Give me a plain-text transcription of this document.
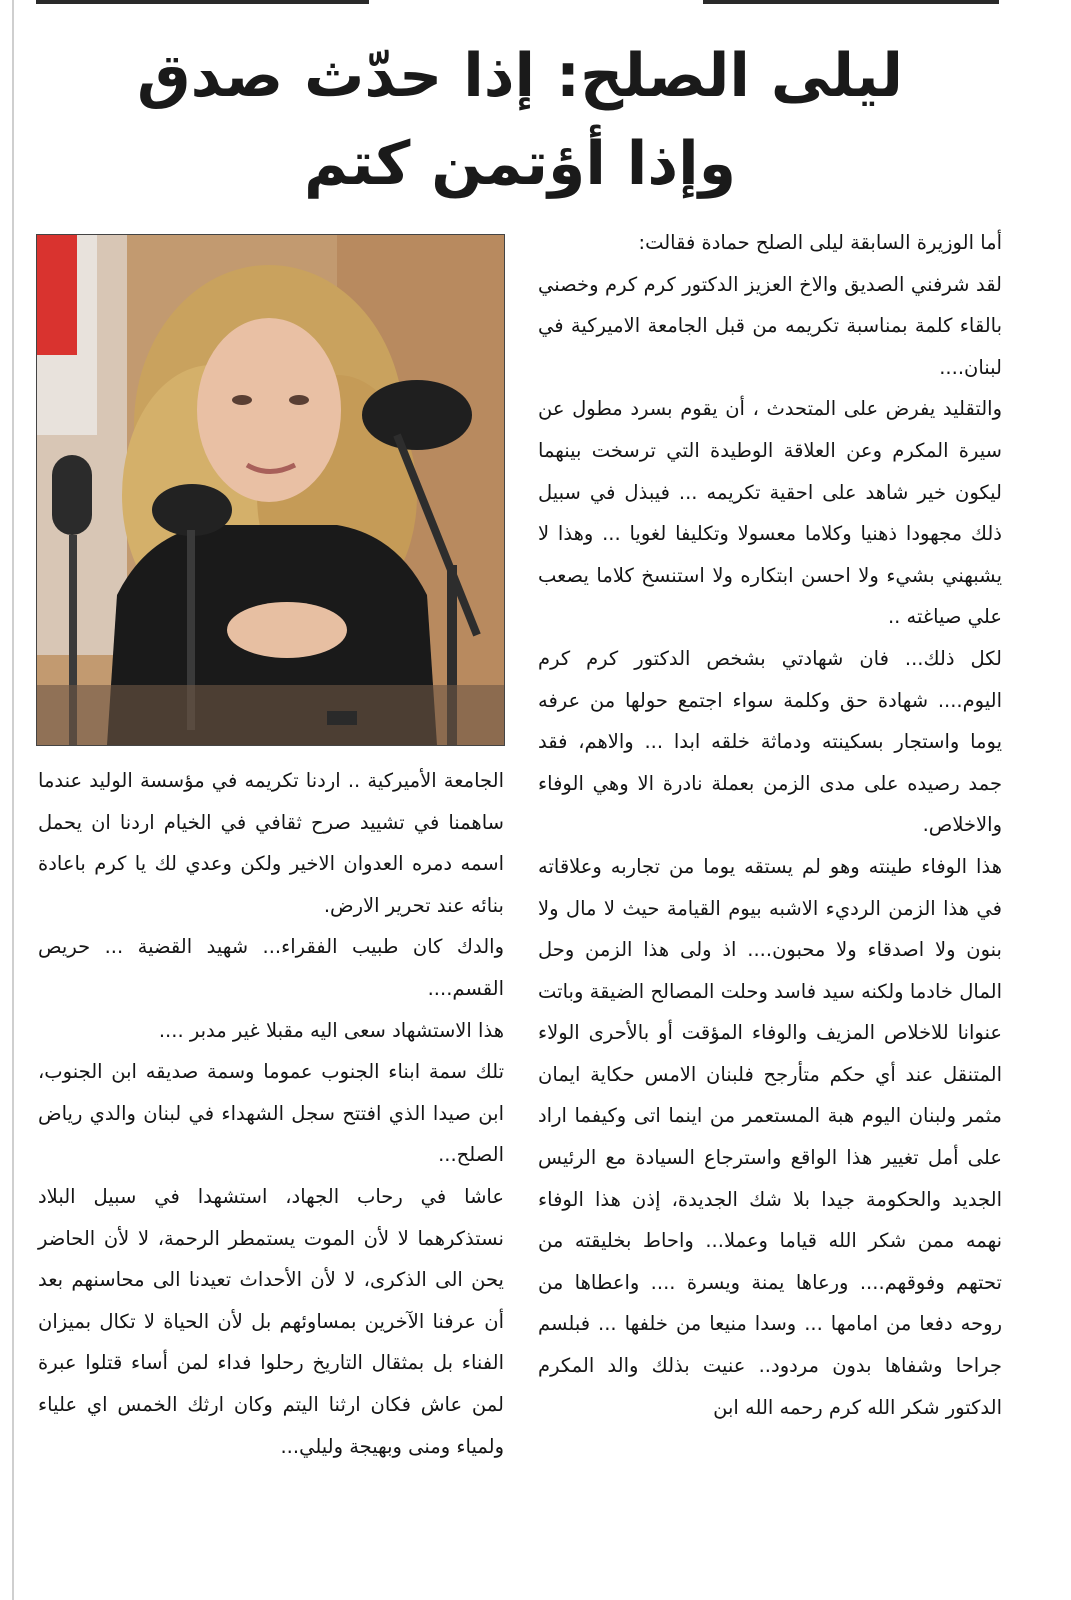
ليلى الصلح: إذا حدّث صدق
وإذا أؤتمن كتم

أما الوزيرة السابقة ليلى الصلح حمادة فقالت:

لقد شرفني الصديق والاخ العزيز الدكتور كرم كرم وخصني بالقاء كلمة بمناسبة تكريمه من قبل الجامعة الاميركية في لبنان....

والتقليد يفرض على المتحدث ، أن يقوم بسرد مطول عن سيرة المكرم وعن العلاقة الوطيدة التي ترسخت بينهما ليكون خير شاهد على احقية تكريمه ... فيبذل في سبيل ذلك مجهودا ذهنيا وكلاما معسولا وتكليفا لغويا ... وهذا لا يشبهني بشيء ولا احسن ابتكاره ولا استنسخ كلاما يصعب علي صياغته ..

لكل ذلك... فان شهادتي بشخص الدكتور كرم كرم اليوم.... شهادة حق وكلمة سواء اجتمع حولها من عرفه يوما واستجار بسكينته ودماثة خلقه ابدا ... والاهم، فقد جمد رصيده على مدى الزمن بعملة نادرة الا وهي الوفاء والاخلاص.

هذا الوفاء طينته وهو لم يستقه يوما من تجاربه وعلاقاته في هذا الزمن الرديء الاشبه بيوم القيامة حيث لا مال ولا بنون ولا اصدقاء ولا محبون.... اذ ولى هذا الزمن وحل المال خادما ولكنه سيد فاسد وحلت المصالح الضيقة وباتت عنوانا للاخلاص المزيف والوفاء المؤقت أو بالأحرى الولاء المتنقل عند أي حكم متأرجح فلبنان الامس حكاية ايمان مثمر ولبنان اليوم هبة المستعمر من اينما اتى وكيفما اراد على أمل تغيير هذا الواقع واسترجاع السيادة مع الرئيس الجديد والحكومة جيدا بلا شك الجديدة، إذن هذا الوفاء نهمه ممن شكر الله قياما وعملا... واحاط بخليقته من تحتهم وفوقهم.... ورعاها يمنة ويسرة .... واعطاها من روحه دفعا من امامها ... وسدا منيعا من خلفها ... فبلسم جراحا وشفاها بدون مردود.. عنيت بذلك والد المكرم الدكتور شكر الله كرم رحمه الله ابن

الجامعة الأميركية .. اردنا تكريمه في مؤسسة الوليد عندما ساهمنا في تشييد صرح ثقافي في الخيام اردنا ان يحمل اسمه دمره العدوان الاخير ولكن وعدي لك يا كرم باعادة بنائه عند تحرير الارض.

والدك كان طبيب الفقراء... شهيد القضية ... حريص القسم....

هذا الاستشهاد سعى اليه مقبلا غير مدبر ....

تلك سمة ابناء الجنوب عموما وسمة صديقه ابن الجنوب، ابن صيدا الذي افتتح سجل الشهداء في لبنان والدي رياض الصلح...

عاشا في رحاب الجهاد، استشهدا في سبيل البلاد نستذكرهما لا لأن الموت يستمطر الرحمة، لا لأن الحاضر يحن الى الذكرى، لا لأن الأحداث تعيدنا الى محاسنهم بعد أن عرفنا الآخرين بمساوئهم بل لأن الحياة لا تكال بميزان الفناء بل بمثقال التاريخ رحلوا فداء لمن أساء قتلوا عبرة لمن عاش فكان ارثنا اليتم وكان ارثك الخمس اي علياء ولمياء ومنى وبهيجة وليلي...
